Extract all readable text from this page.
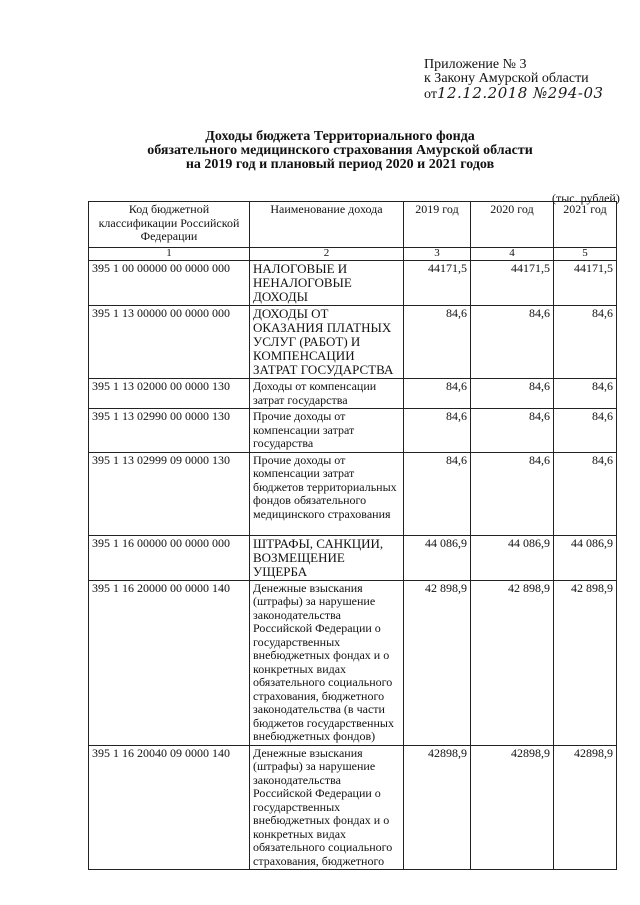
Приложение № 3
к Закону Амурской области
от12.12.2018 №294-03
Доходы бюджета Территориального фонда
обязательного медицинского страхования Амурской области
на 2019 год и плановый период 2020 и 2021 годов
(тыс. рублей)
Код бюджетной классификации Российской Федерации	Наименование дохода	2019 год	2020 год	2021 год
1	2	3	4	5
395 1 00 00000 00 0000 000	НАЛОГОВЫЕ И НЕНАЛОГОВЫЕ ДОХОДЫ	44171,5	44171,5	44171,5
395 1 13 00000 00 0000 000	ДОХОДЫ ОТ ОКАЗАНИЯ ПЛАТНЫХ УСЛУГ (РАБОТ) И КОМПЕНСАЦИИ ЗАТРАТ ГОСУДАРСТВА	84,6	84,6	84,6
395 1 13 02000 00 0000 130	Доходы от компенсации затрат государства	84,6	84,6	84,6
395 1 13 02990 00 0000 130	Прочие доходы от компенсации затрат государства	84,6	84,6	84,6
395 1 13 02999 09 0000 130	Прочие доходы от компенсации затрат бюджетов территориальных фондов обязательного медицинского страхования	84,6	84,6	84,6
395 1 16 00000 00 0000 000	ШТРАФЫ, САНКЦИИ, ВОЗМЕЩЕНИЕ УЩЕРБА	44 086,9	44 086,9	44 086,9
395 1 16 20000 00 0000 140	Денежные взыскания (штрафы) за нарушение законодательства Российской Федерации о государственных внебюджетных фондах и о конкретных видах обязательного социального страхования, бюджетного законодательства (в части бюджетов государственных внебюджетных фондов)	42 898,9	42 898,9	42 898,9
395 1 16 20040 09 0000 140	Денежные взыскания (штрафы) за нарушение законодательства Российской Федерации о государственных внебюджетных фондах и о конкретных видах обязательного социального страхования, бюджетного	42898,9	42898,9	42898,9
